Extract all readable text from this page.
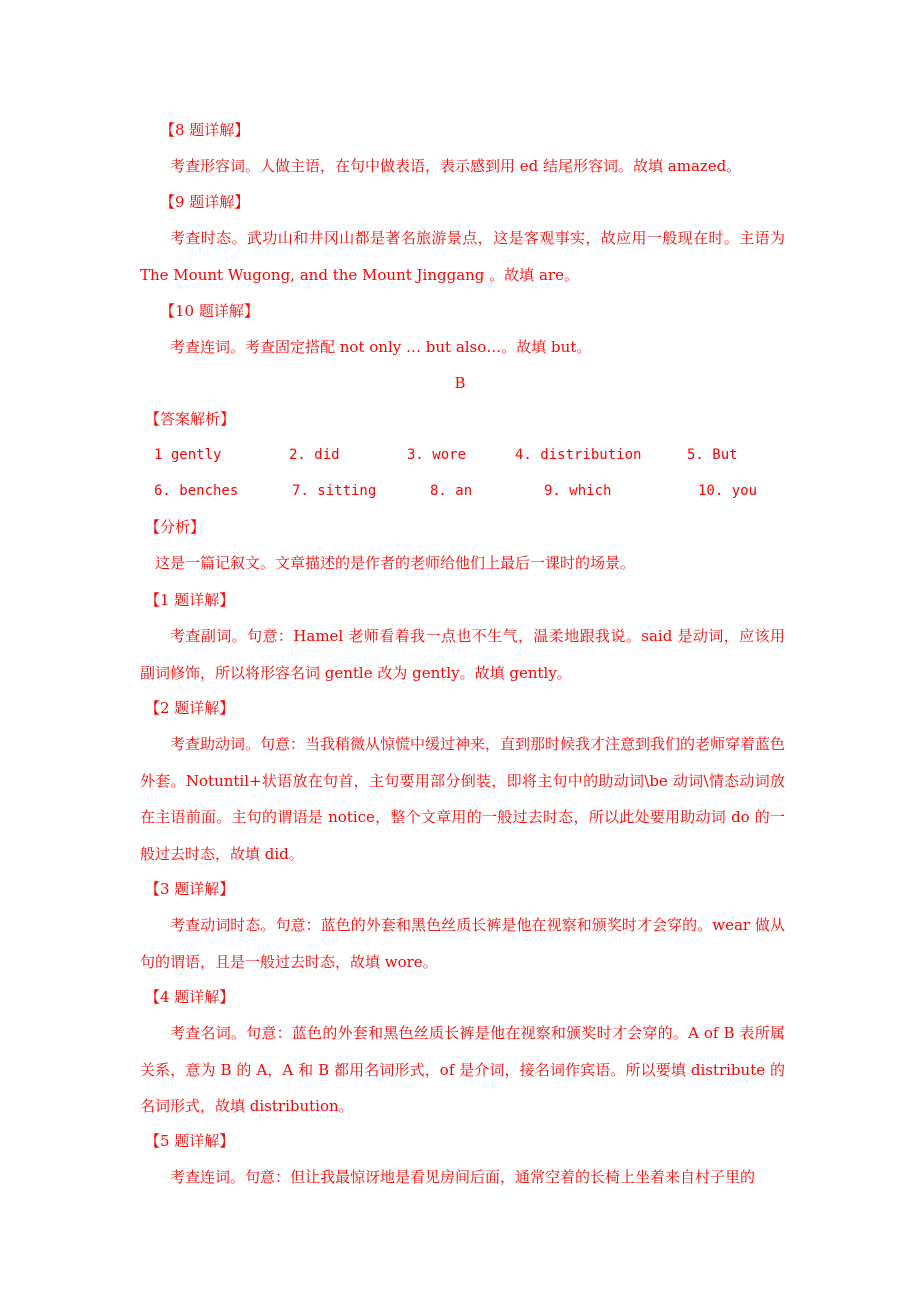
【8 题详解】

考查形容词。人做主语，在句中做表语，表示感到用 ed 结尾形容词。故填 amazed。

【9 题详解】

考查时态。武功山和井冈山都是著名旅游景点，这是客观事实，故应用一般现在时。主语为 The Mount Wugong, and the Mount Jinggang 。故填 are。

【10 题详解】

考查连词。考查固定搭配 not only … but also…。故填 but。

B
【答案解析】
1 gently	2. did	3. wore	4. distribution	5. But
6. benches	7. sitting	8. an	9. which	10. you
【分析】

这是一篇记叙文。文章描述的是作者的老师给他们上最后一课时的场景。

【1 题详解】

考查副词。句意：Hamel 老师看着我一点也不生气，温柔地跟我说。said 是动词，应该用副词修饰，所以将形容名词 gentle 改为 gently。故填 gently。

【2 题详解】

考查助动词。句意：当我稍微从惊慌中缓过神来，直到那时候我才注意到我们的老师穿着蓝色外套。Notuntil+状语放在句首，主句要用部分倒装，即将主句中的助动词\be 动词\情态动词放在主语前面。主句的谓语是 notice，整个文章用的一般过去时态，所以此处要用助动词 do 的一般过去时态，故填 did。

【3 题详解】

考查动词时态。句意：蓝色的外套和黑色丝质长裤是他在视察和颁奖时才会穿的。wear 做从句的谓语，且是一般过去时态，故填 wore。

【4 题详解】

考查名词。句意：蓝色的外套和黑色丝质长裤是他在视察和颁奖时才会穿的。A of B 表所属关系，意为 B 的 A，A 和 B 都用名词形式，of 是介词，接名词作宾语。所以要填 distribute 的名词形式，故填 distribution。

【5 题详解】

考查连词。句意：但让我最惊讶地是看见房间后面，通常空着的长椅上坐着来自村子里的
